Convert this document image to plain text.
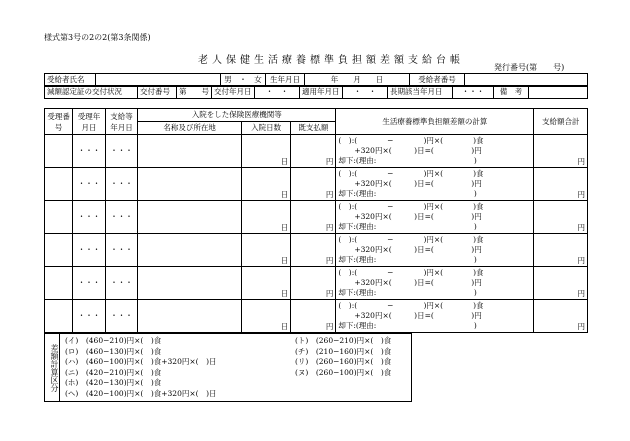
様式第3号の2の2(第3条関係)
老人保健生活療養標準負担額差額支給台帳
発行番号(第　　号)
受給者氏名		男　・　女	生年月日	年　　月　　日	受給者番号	
減額認定証の交付状況	交付番号	第　　号	交付年月日	・　・	適用年月日	・　・	長期該当年月日	・・・	備　考	
受理番号	受理年月日	支給等年月日	入院をした保険医療機関等			生活療養標準負担額差額の計算	支給額合計
			名称及び所在地	入院日数	既支払額		
	・・・	・・・		日	円	(　):(　　　　−　　　　)円×(　　　　)食
+320円×(　　　)日=(　　　　　)円
却下:(理由:　　　　　　　　　　　　　)	円
	・・・	・・・		日	円	(　):(　　　　−　　　　)円×(　　　　)食
+320円×(　　　)日=(　　　　　)円
却下:(理由:　　　　　　　　　　　　　)	円
	・・・	・・・		日	円	(　):(　　　　−　　　　)円×(　　　　)食
+320円×(　　　)日=(　　　　　)円
却下:(理由:　　　　　　　　　　　　　)	円
	・・・	・・・		日	円	(　):(　　　　−　　　　)円×(　　　　)食
+320円×(　　　)日=(　　　　　)円
却下:(理由:　　　　　　　　　　　　　)	円
	・・・	・・・		日	円	(　):(　　　　−　　　　)円×(　　　　)食
+320円×(　　　)日=(　　　　　)円
却下:(理由:　　　　　　　　　　　　　)	円
	・・・	・・・		日	円	(　):(　　　　−　　　　)円×(　　　　)食
+320円×(　　　)日=(　　　　　)円
却下:(理由:　　　　　　　　　　　　　)	円
差額計算区分
(イ)　(460−210)円×(　)食
(ロ)　(460−130)円×(　)食
(ハ)　(460−100)円×(　)食+320円×(　)日
(ニ)　(420−210)円×(　)食
(ホ)　(420−130)円×(　)食
(ヘ)　(420−100)円×(　)食+320円×(　)日
(ト)　(260−210)円×(　)食
(チ)　(210−160)円×(　)食
(リ)　(260−160)円×(　)食
(ヌ)　(260−100)円×(　)食
